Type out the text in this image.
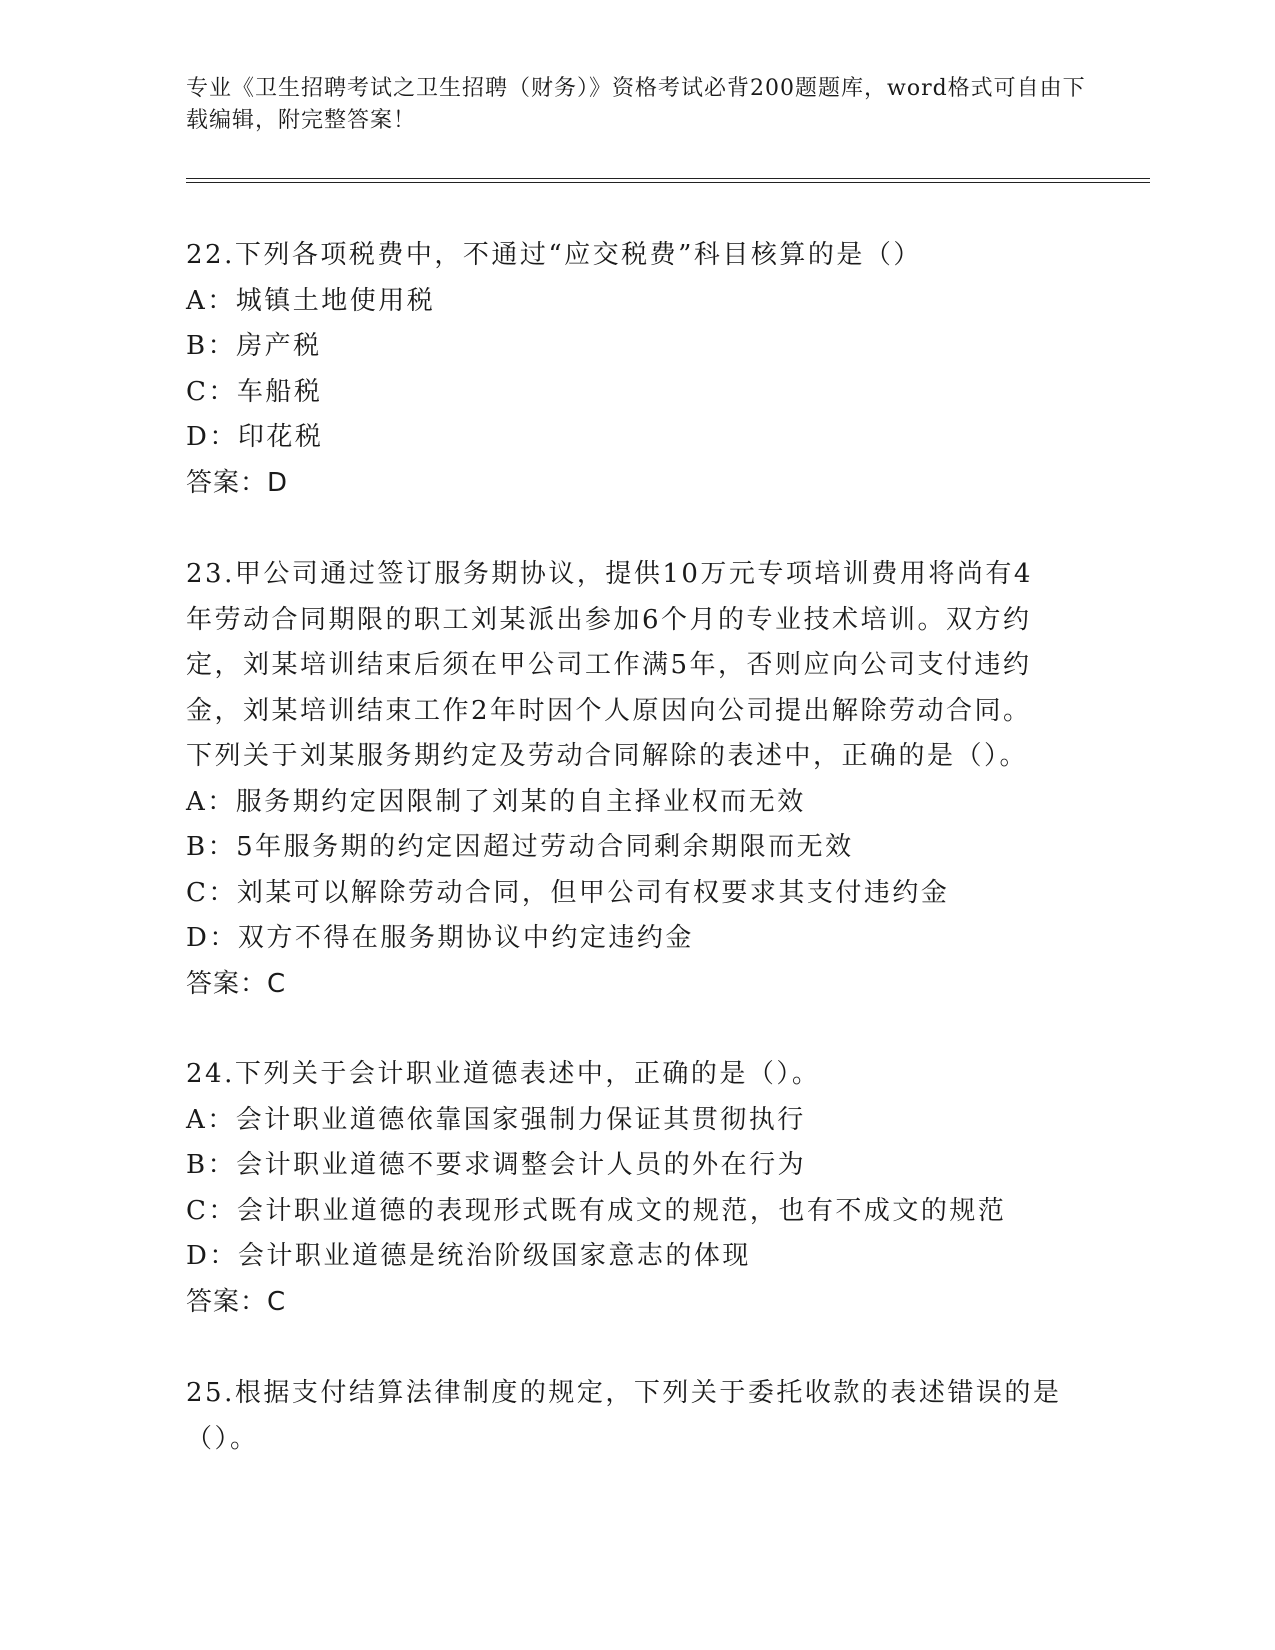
专业《卫生招聘考试之卫生招聘（财务）》资格考试必背200题题库，word格式可自由下载编辑，附完整答案！
22.下列各项税费中，不通过“应交税费”科目核算的是（）
A：城镇土地使用税
B：房产税
C：车船税
D：印花税
答案：D
23.甲公司通过签订服务期协议，提供10万元专项培训费用将尚有4
年劳动合同期限的职工刘某派出参加6个月的专业技术培训。双方约
定，刘某培训结束后须在甲公司工作满5年，否则应向公司支付违约
金，刘某培训结束工作2年时因个人原因向公司提出解除劳动合同。
下列关于刘某服务期约定及劳动合同解除的表述中，正确的是（）。
A：服务期约定因限制了刘某的自主择业权而无效
B：5年服务期的约定因超过劳动合同剩余期限而无效
C：刘某可以解除劳动合同，但甲公司有权要求其支付违约金
D：双方不得在服务期协议中约定违约金
答案：C
24.下列关于会计职业道德表述中，正确的是（）。
A：会计职业道德依靠国家强制力保证其贯彻执行
B：会计职业道德不要求调整会计人员的外在行为
C：会计职业道德的表现形式既有成文的规范，也有不成文的规范
D：会计职业道德是统治阶级国家意志的体现
答案：C
25.根据支付结算法律制度的规定，下列关于委托收款的表述错误的是
（）。
